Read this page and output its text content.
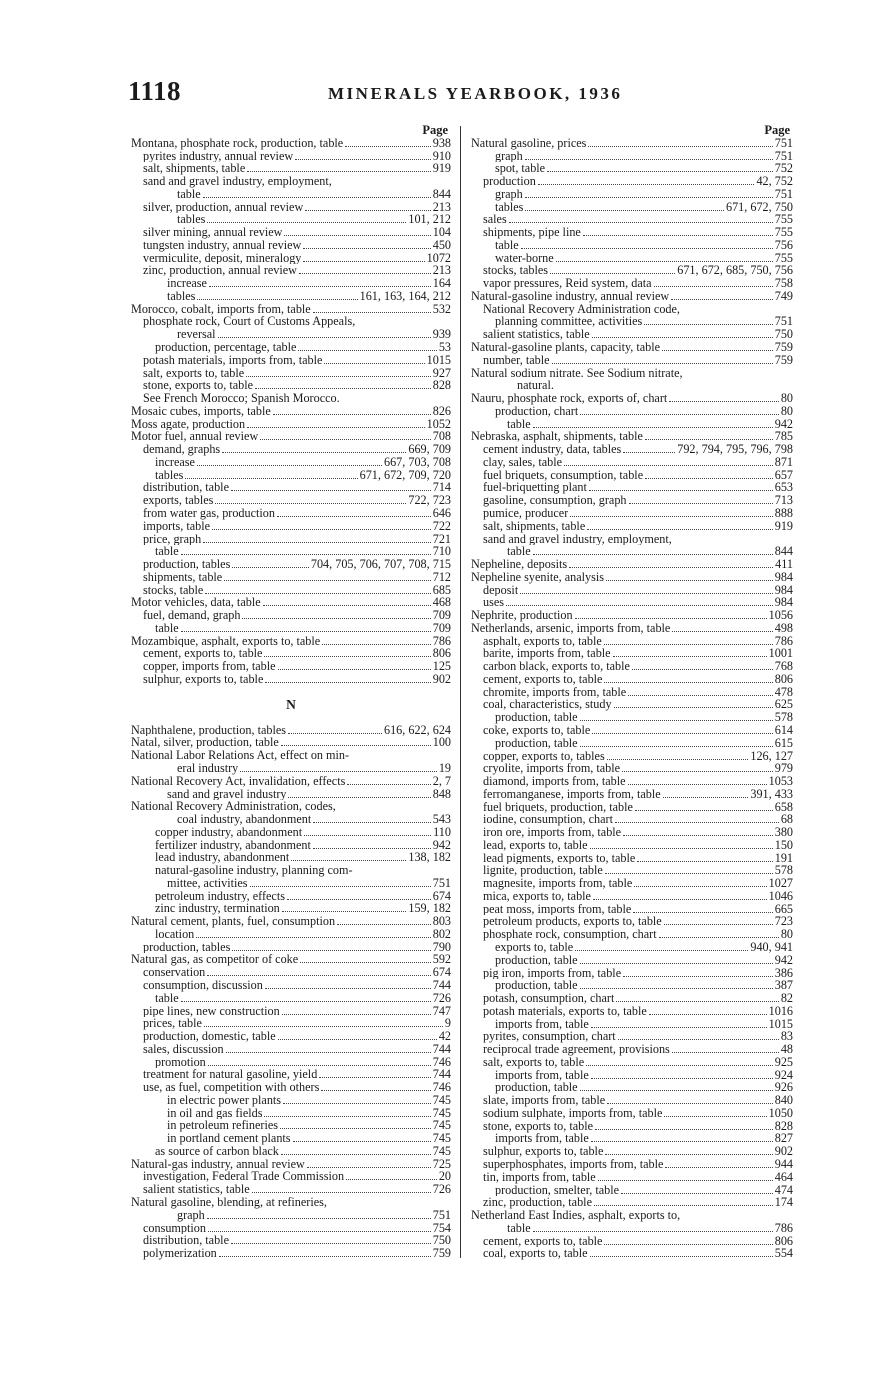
1118	MINERALS YEARBOOK, 1936
Page
Montana, phosphate rock, production, table	938
pyrites industry, annual review	910
salt, shipments, table	919
sand and gravel industry, employment,
table	844
silver, production, annual review	213
tables	101, 212
silver mining, annual review	104
tungsten industry, annual review	450
vermiculite, deposit, mineralogy	1072
zinc, production, annual review	213
increase	164
tables	161, 163, 164, 212
Morocco, cobalt, imports from, table	532
phosphate rock, Court of Customs Appeals,
reversal	939
production, percentage, table	53
potash materials, imports from, table	1015
salt, exports to, table	927
stone, exports to, table	828
See French Morocco; Spanish Morocco.
Mosaic cubes, imports, table	826
Moss agate, production	1052
Motor fuel, annual review	708
demand, graphs	669, 709
increase	667, 703, 708
tables	671, 672, 709, 720
distribution, table	714
exports, tables	722, 723
from water gas, production	646
imports, table	722
price, graph	721
table	710
production, tables	704, 705, 706, 707, 708, 715
shipments, table	712
stocks, table	685
Motor vehicles, data, table	468
fuel, demand, graph	709
table	709
Mozambique, asphalt, exports to, table	786
cement, exports to, table	806
copper, imports from, table	125
sulphur, exports to, table	902
N
Naphthalene, production, tables	616, 622, 624
Natal, silver, production, table	100
National Labor Relations Act, effect on min-
eral industry	19
National Recovery Act, invalidation, effects	2, 7
sand and gravel industry	848
National Recovery Administration, codes,
coal industry, abandonment	543
copper industry, abandonment	110
fertilizer industry, abandonment	942
lead industry, abandonment	138, 182
natural-gasoline industry, planning com-
mittee, activities	751
petroleum industry, effects	674
zinc industry, termination	159, 182
Natural cement, plants, fuel, consumption	803
location	802
production, tables	790
Natural gas, as competitor of coke	592
conservation	674
consumption, discussion	744
table	726
pipe lines, new construction	747
prices, table	9
production, domestic, table	42
sales, discussion	744
promotion	746
treatment for natural gasoline, yield	744
use, as fuel, competition with others	746
in electric power plants	745
in oil and gas fields	745
in petroleum refineries	745
in portland cement plants	745
as source of carbon black	745
Natural-gas industry, annual review	725
investigation, Federal Trade Commission	20
salient statistics, table	726
Natural gasoline, blending, at refineries,
graph	751
consumption	754
distribution, table	750
polymerization	759
Page
Natural gasoline, prices	751
graph	751
spot, table	752
production	42, 752
graph	751
tables	671, 672, 750
sales	755
shipments, pipe line	755
table	756
water-borne	755
stocks, tables	671, 672, 685, 750, 756
vapor pressures, Reid system, data	758
Natural-gasoline industry, annual review	749
National Recovery Administration code,
planning committee, activities	751
salient statistics, table	750
Natural-gasoline plants, capacity, table	759
number, table	759
Natural sodium nitrate. See Sodium nitrate,
natural.
Nauru, phosphate rock, exports of, chart	80
production, chart	80
table	942
Nebraska, asphalt, shipments, table	785
cement industry, data, tables	792, 794, 795, 796, 798
clay, sales, table	871
fuel briquets, consumption, table	657
fuel-briquetting plant	653
gasoline, consumption, graph	713
pumice, producer	888
salt, shipments, table	919
sand and gravel industry, employment,
table	844
Nepheline, deposits	411
Nepheline syenite, analysis	984
deposit	984
uses	984
Nephrite, production	1056
Netherlands, arsenic, imports from, table	498
asphalt, exports to, table	786
barite, imports from, table	1001
carbon black, exports to, table	768
cement, exports to, table	806
chromite, imports from, table	478
coal, characteristics, study	625
production, table	578
coke, exports to, table	614
production, table	615
copper, exports to, tables	126, 127
cryolite, imports from, table	979
diamond, imports from, table	1053
ferromanganese, imports from, table	391, 433
fuel briquets, production, table	658
iodine, consumption, chart	68
iron ore, imports from, table	380
lead, exports to, table	150
lead pigments, exports to, table	191
lignite, production, table	578
magnesite, imports from, table	1027
mica, exports to, table	1046
peat moss, imports from, table	665
petroleum products, exports to, table	723
phosphate rock, consumption, chart	80
exports to, table	940, 941
production, table	942
pig iron, imports from, table	386
production, table	387
potash, consumption, chart	82
potash materials, exports to, table	1016
imports from, table	1015
pyrites, consumption, chart	83
reciprocal trade agreement, provisions	48
salt, exports to, table	925
imports from, table	924
production, table	926
slate, imports from, table	840
sodium sulphate, imports from, table	1050
stone, exports to, table	828
imports from, table	827
sulphur, exports to, table	902
superphosphates, imports from, table	944
tin, imports from, table	464
production, smelter, table	474
zinc, production, table	174
Netherland East Indies, asphalt, exports to,
table	786
cement, exports to, table	806
coal, exports to, table	554
